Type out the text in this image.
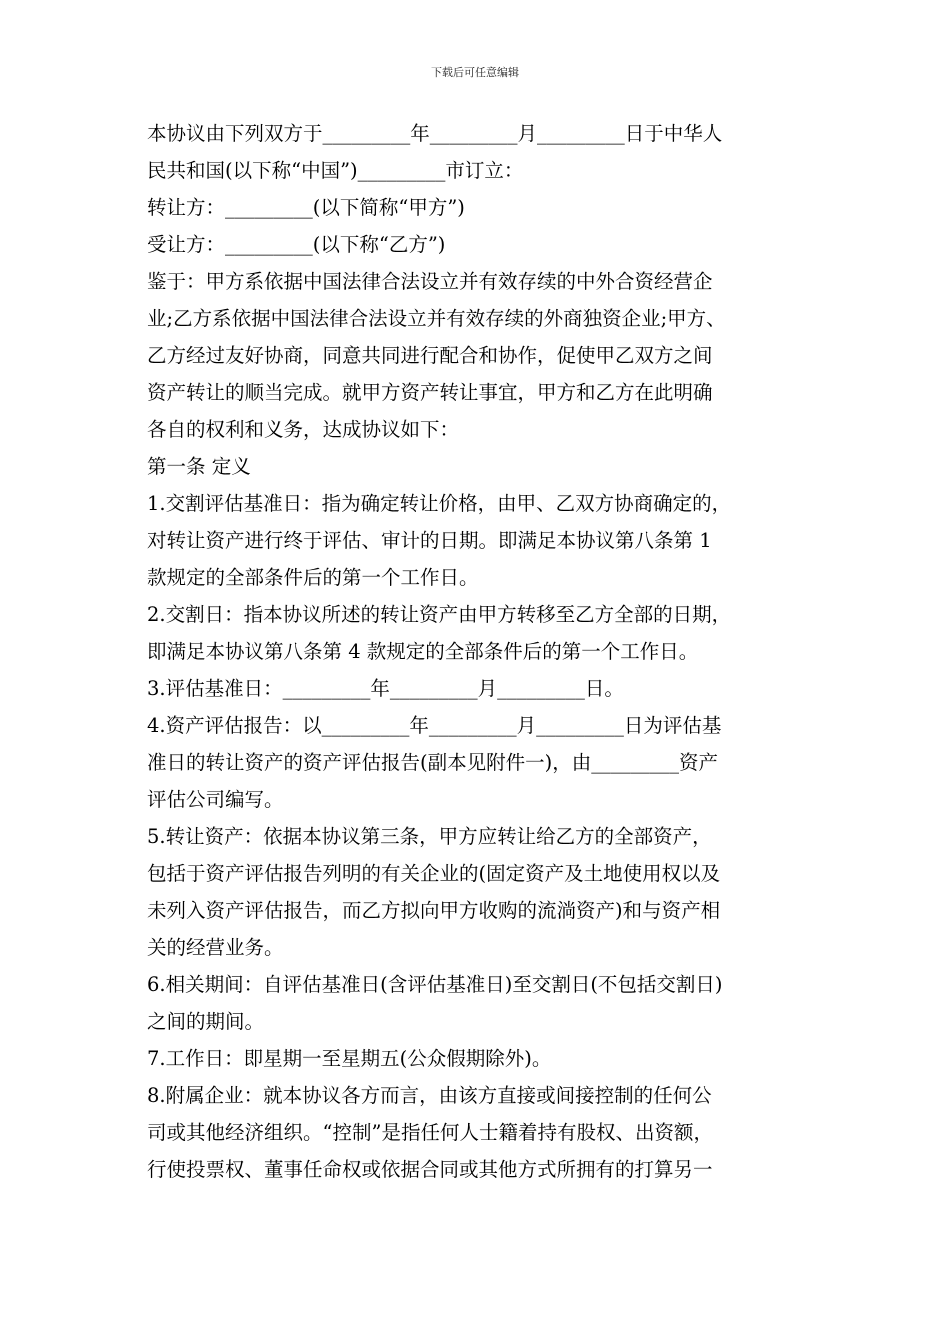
下载后可任意编辑
本协议由下列双方于_________年_________月_________日于中华人
民共和国(以下称“中国”)_________市订立：
转让方：_________(以下简称“甲方”)
受让方：_________(以下称“乙方”)
鉴于：甲方系依据中国法律合法设立并有效存续的中外合资经营企
业;乙方系依据中国法律合法设立并有效存续的外商独资企业;甲方、
乙方经过友好协商，同意共同进行配合和协作，促使甲乙双方之间
资产转让的顺当完成。就甲方资产转让事宜，甲方和乙方在此明确
各自的权利和义务，达成协议如下：
第一条 定义
1.交割评估基准日：指为确定转让价格，由甲、乙双方协商确定的，
对转让资产进行终于评估、审计的日期。即满足本协议第八条第 1
款规定的全部条件后的第一个工作日。
2.交割日：指本协议所述的转让资产由甲方转移至乙方全部的日期，
即满足本协议第八条第 4 款规定的全部条件后的第一个工作日。
3.评估基准日：_________年_________月_________日。
4.资产评估报告：以_________年_________月_________日为评估基
准日的转让资产的资产评估报告(副本见附件一)，由_________资产
评估公司编写。
5.转让资产：依据本协议第三条，甲方应转让给乙方的全部资产，
包括于资产评估报告列明的有关企业的(固定资产及土地使用权以及
未列入资产评估报告，而乙方拟向甲方收购的流淌资产)和与资产相
关的经营业务。
6.相关期间：自评估基准日(含评估基准日)至交割日(不包括交割日)
之间的期间。
7.工作日：即星期一至星期五(公众假期除外)。
8.附属企业：就本协议各方而言，由该方直接或间接控制的任何公
司或其他经济组织。“控制”是指任何人士籍着持有股权、出资额，
行使投票权、董事任命权或依据合同或其他方式所拥有的打算另一
